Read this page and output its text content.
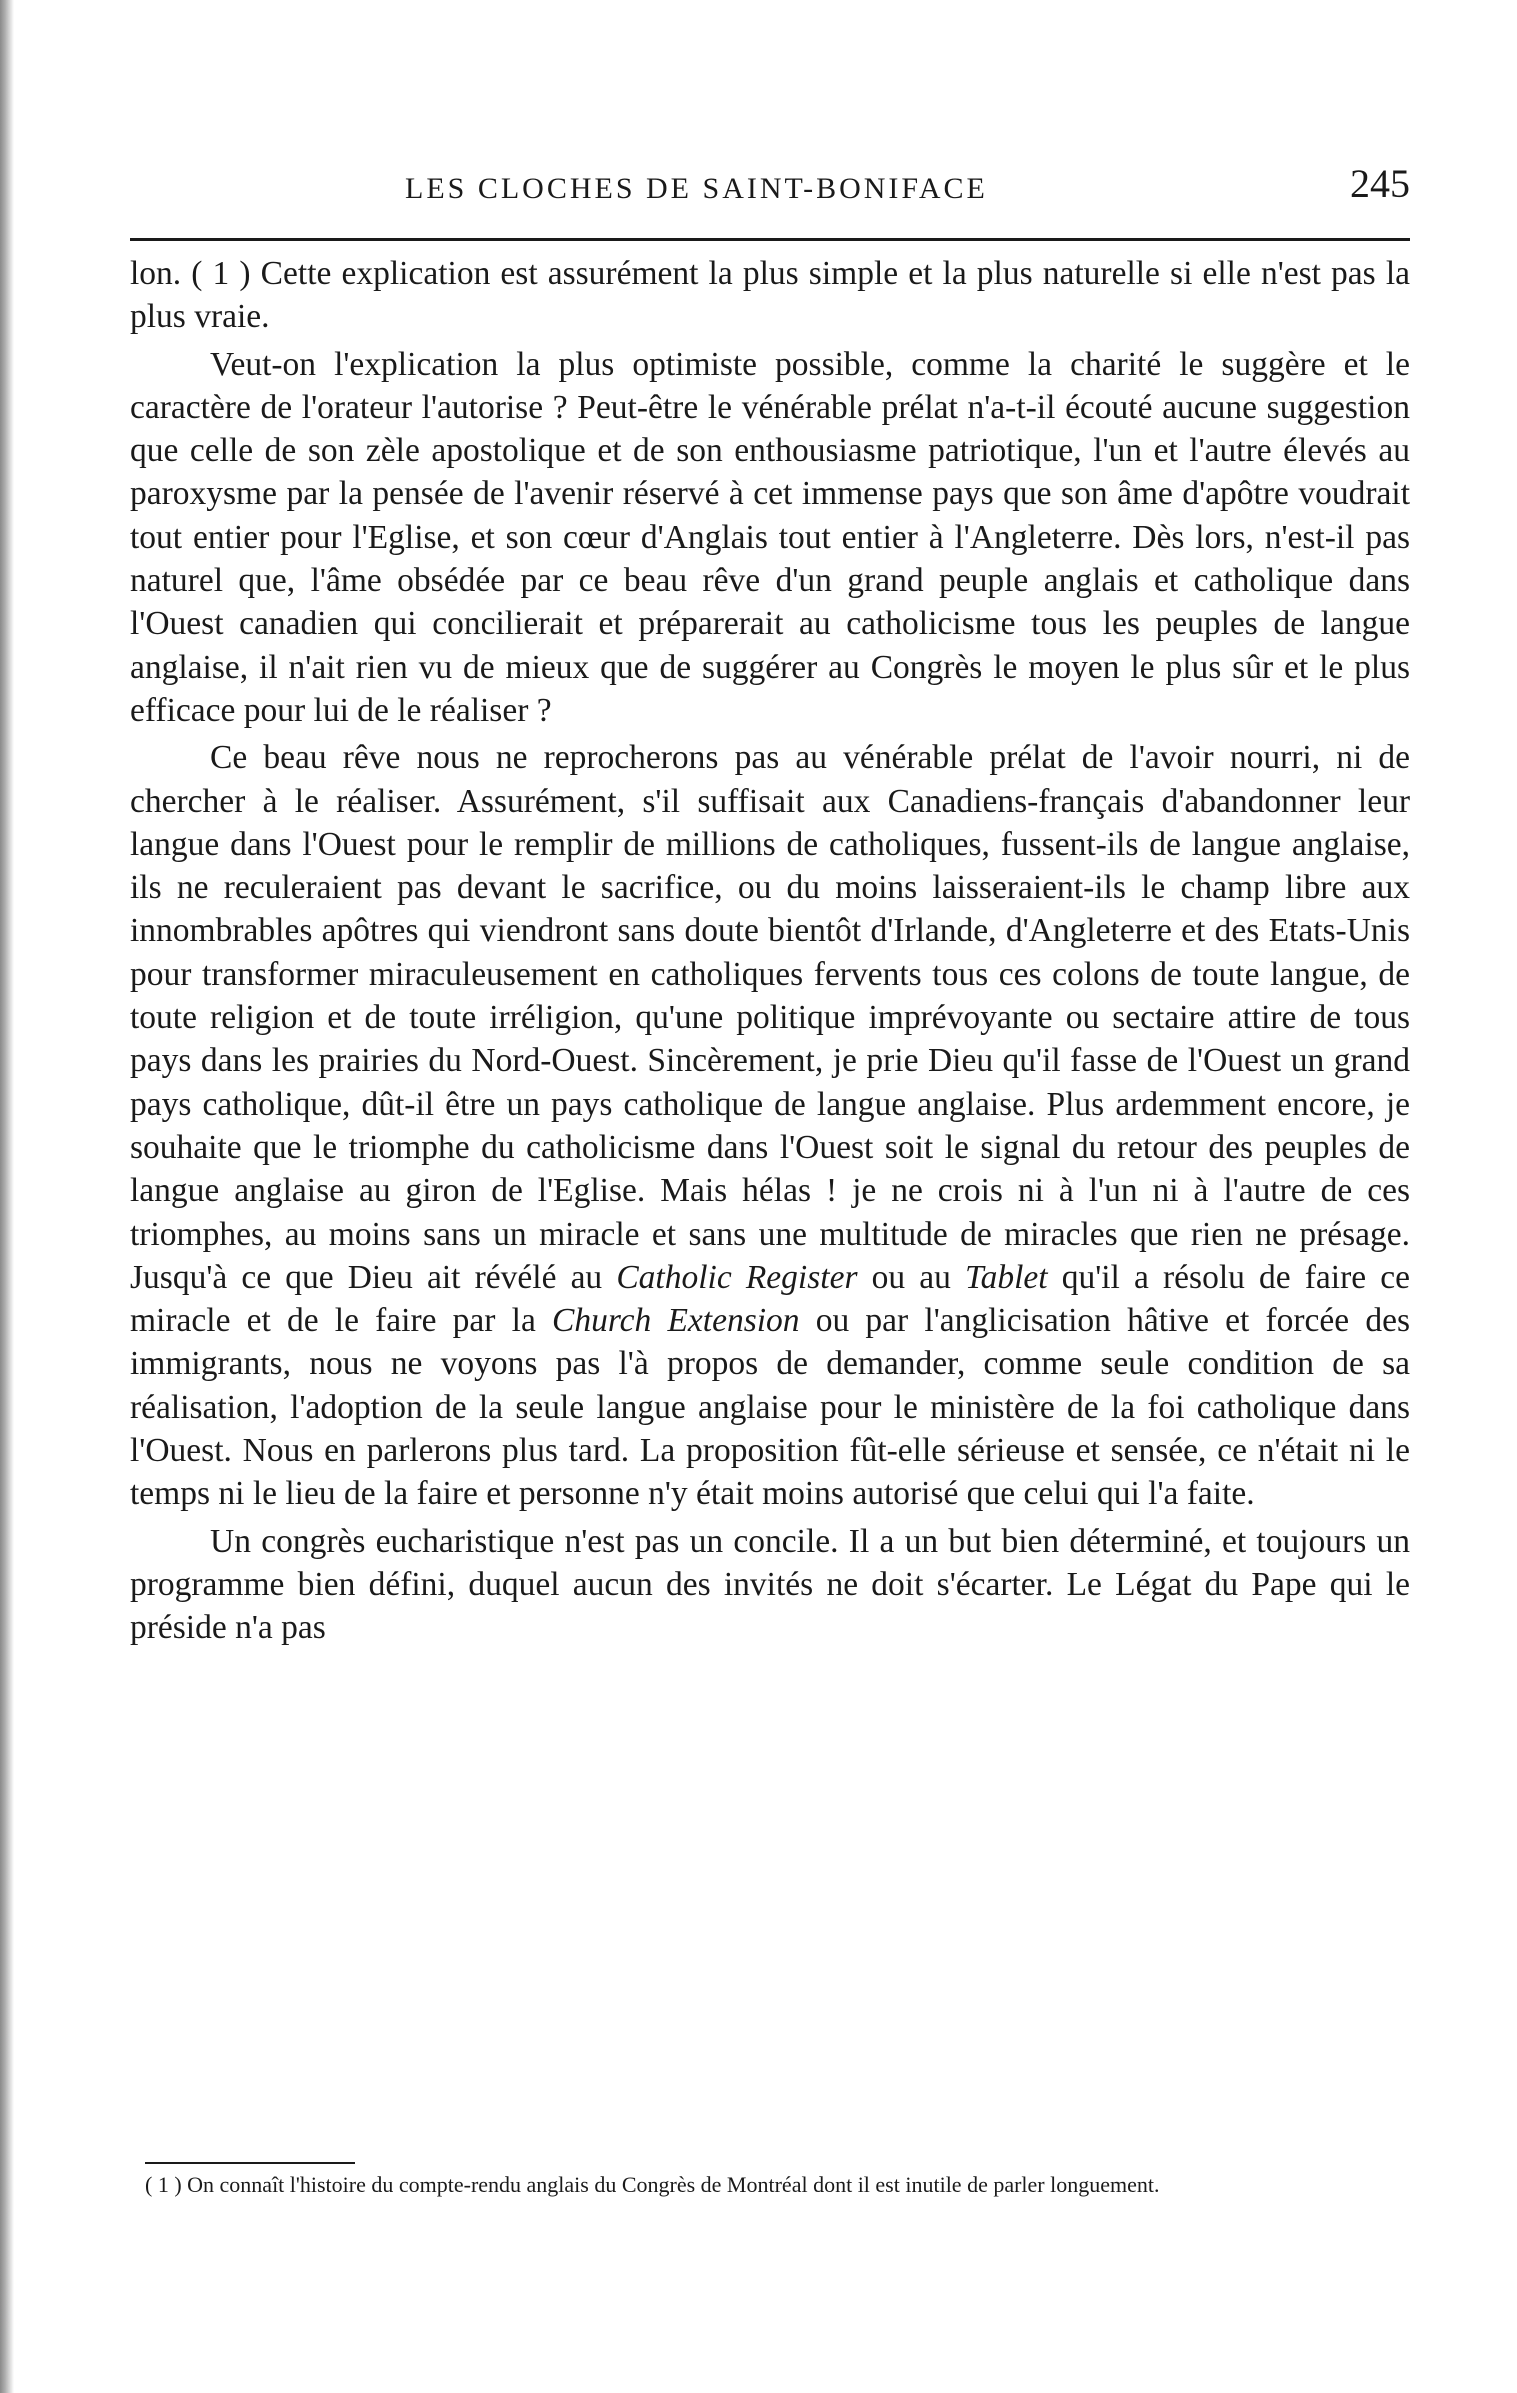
LES CLOCHES DE SAINT-BONIFACE	245

lon. ( 1 ) Cette explication est assurément la plus simple et la plus naturelle si elle n'est pas la plus vraie.

Veut-on l'explication la plus optimiste possible, comme la charité le suggère et le caractère de l'orateur l'autorise ? Peut-être le vénérable prélat n'a-t-il écouté aucune suggestion que celle de son zèle apostolique et de son enthousiasme patriotique, l'un et l'autre élevés au paroxysme par la pensée de l'avenir réservé à cet immense pays que son âme d'apôtre voudrait tout entier pour l'Eglise, et son cœur d'Anglais tout entier à l'Angleterre. Dès lors, n'est-il pas naturel que, l'âme obsédée par ce beau rêve d'un grand peuple anglais et catholique dans l'Ouest canadien qui concilierait et préparerait au catholicisme tous les peuples de langue anglaise, il n'ait rien vu de mieux que de suggérer au Congrès le moyen le plus sûr et le plus efficace pour lui de le réaliser ?

Ce beau rêve nous ne reprocherons pas au vénérable prélat de l'avoir nourri, ni de chercher à le réaliser. Assurément, s'il suffisait aux Canadiens-français d'abandonner leur langue dans l'Ouest pour le remplir de millions de catholiques, fussent-ils de langue anglaise, ils ne reculeraient pas devant le sacrifice, ou du moins laisseraient-ils le champ libre aux innombrables apôtres qui viendront sans doute bientôt d'Irlande, d'Angleterre et des Etats-Unis pour transformer miraculeusement en catholiques fervents tous ces colons de toute langue, de toute religion et de toute irréligion, qu'une politique imprévoyante ou sectaire attire de tous pays dans les prairies du Nord-Ouest. Sincèrement, je prie Dieu qu'il fasse de l'Ouest un grand pays catholique, dût-il être un pays catholique de langue anglaise. Plus ardemment encore, je souhaite que le triomphe du catholicisme dans l'Ouest soit le signal du retour des peuples de langue anglaise au giron de l'Eglise. Mais hélas ! je ne crois ni à l'un ni à l'autre de ces triomphes, au moins sans un miracle et sans une multitude de miracles que rien ne présage. Jusqu'à ce que Dieu ait révélé au Catholic Register ou au Tablet qu'il a résolu de faire ce miracle et de le faire par la Church Extension ou par l'anglicisation hâtive et forcée des immigrants, nous ne voyons pas l'à propos de demander, comme seule condition de sa réalisation, l'adoption de la seule langue anglaise pour le ministère de la foi catholique dans l'Ouest. Nous en parlerons plus tard. La proposition fût-elle sérieuse et sensée, ce n'était ni le temps ni le lieu de la faire et personne n'y était moins autorisé que celui qui l'a faite.

Un congrès eucharistique n'est pas un concile. Il a un but bien déterminé, et toujours un programme bien défini, duquel aucun des invités ne doit s'écarter. Le Légat du Pape qui le préside n'a pas

( 1 ) On connaît l'histoire du compte-rendu anglais du Congrès de Montréal dont il est inutile de parler longuement.
